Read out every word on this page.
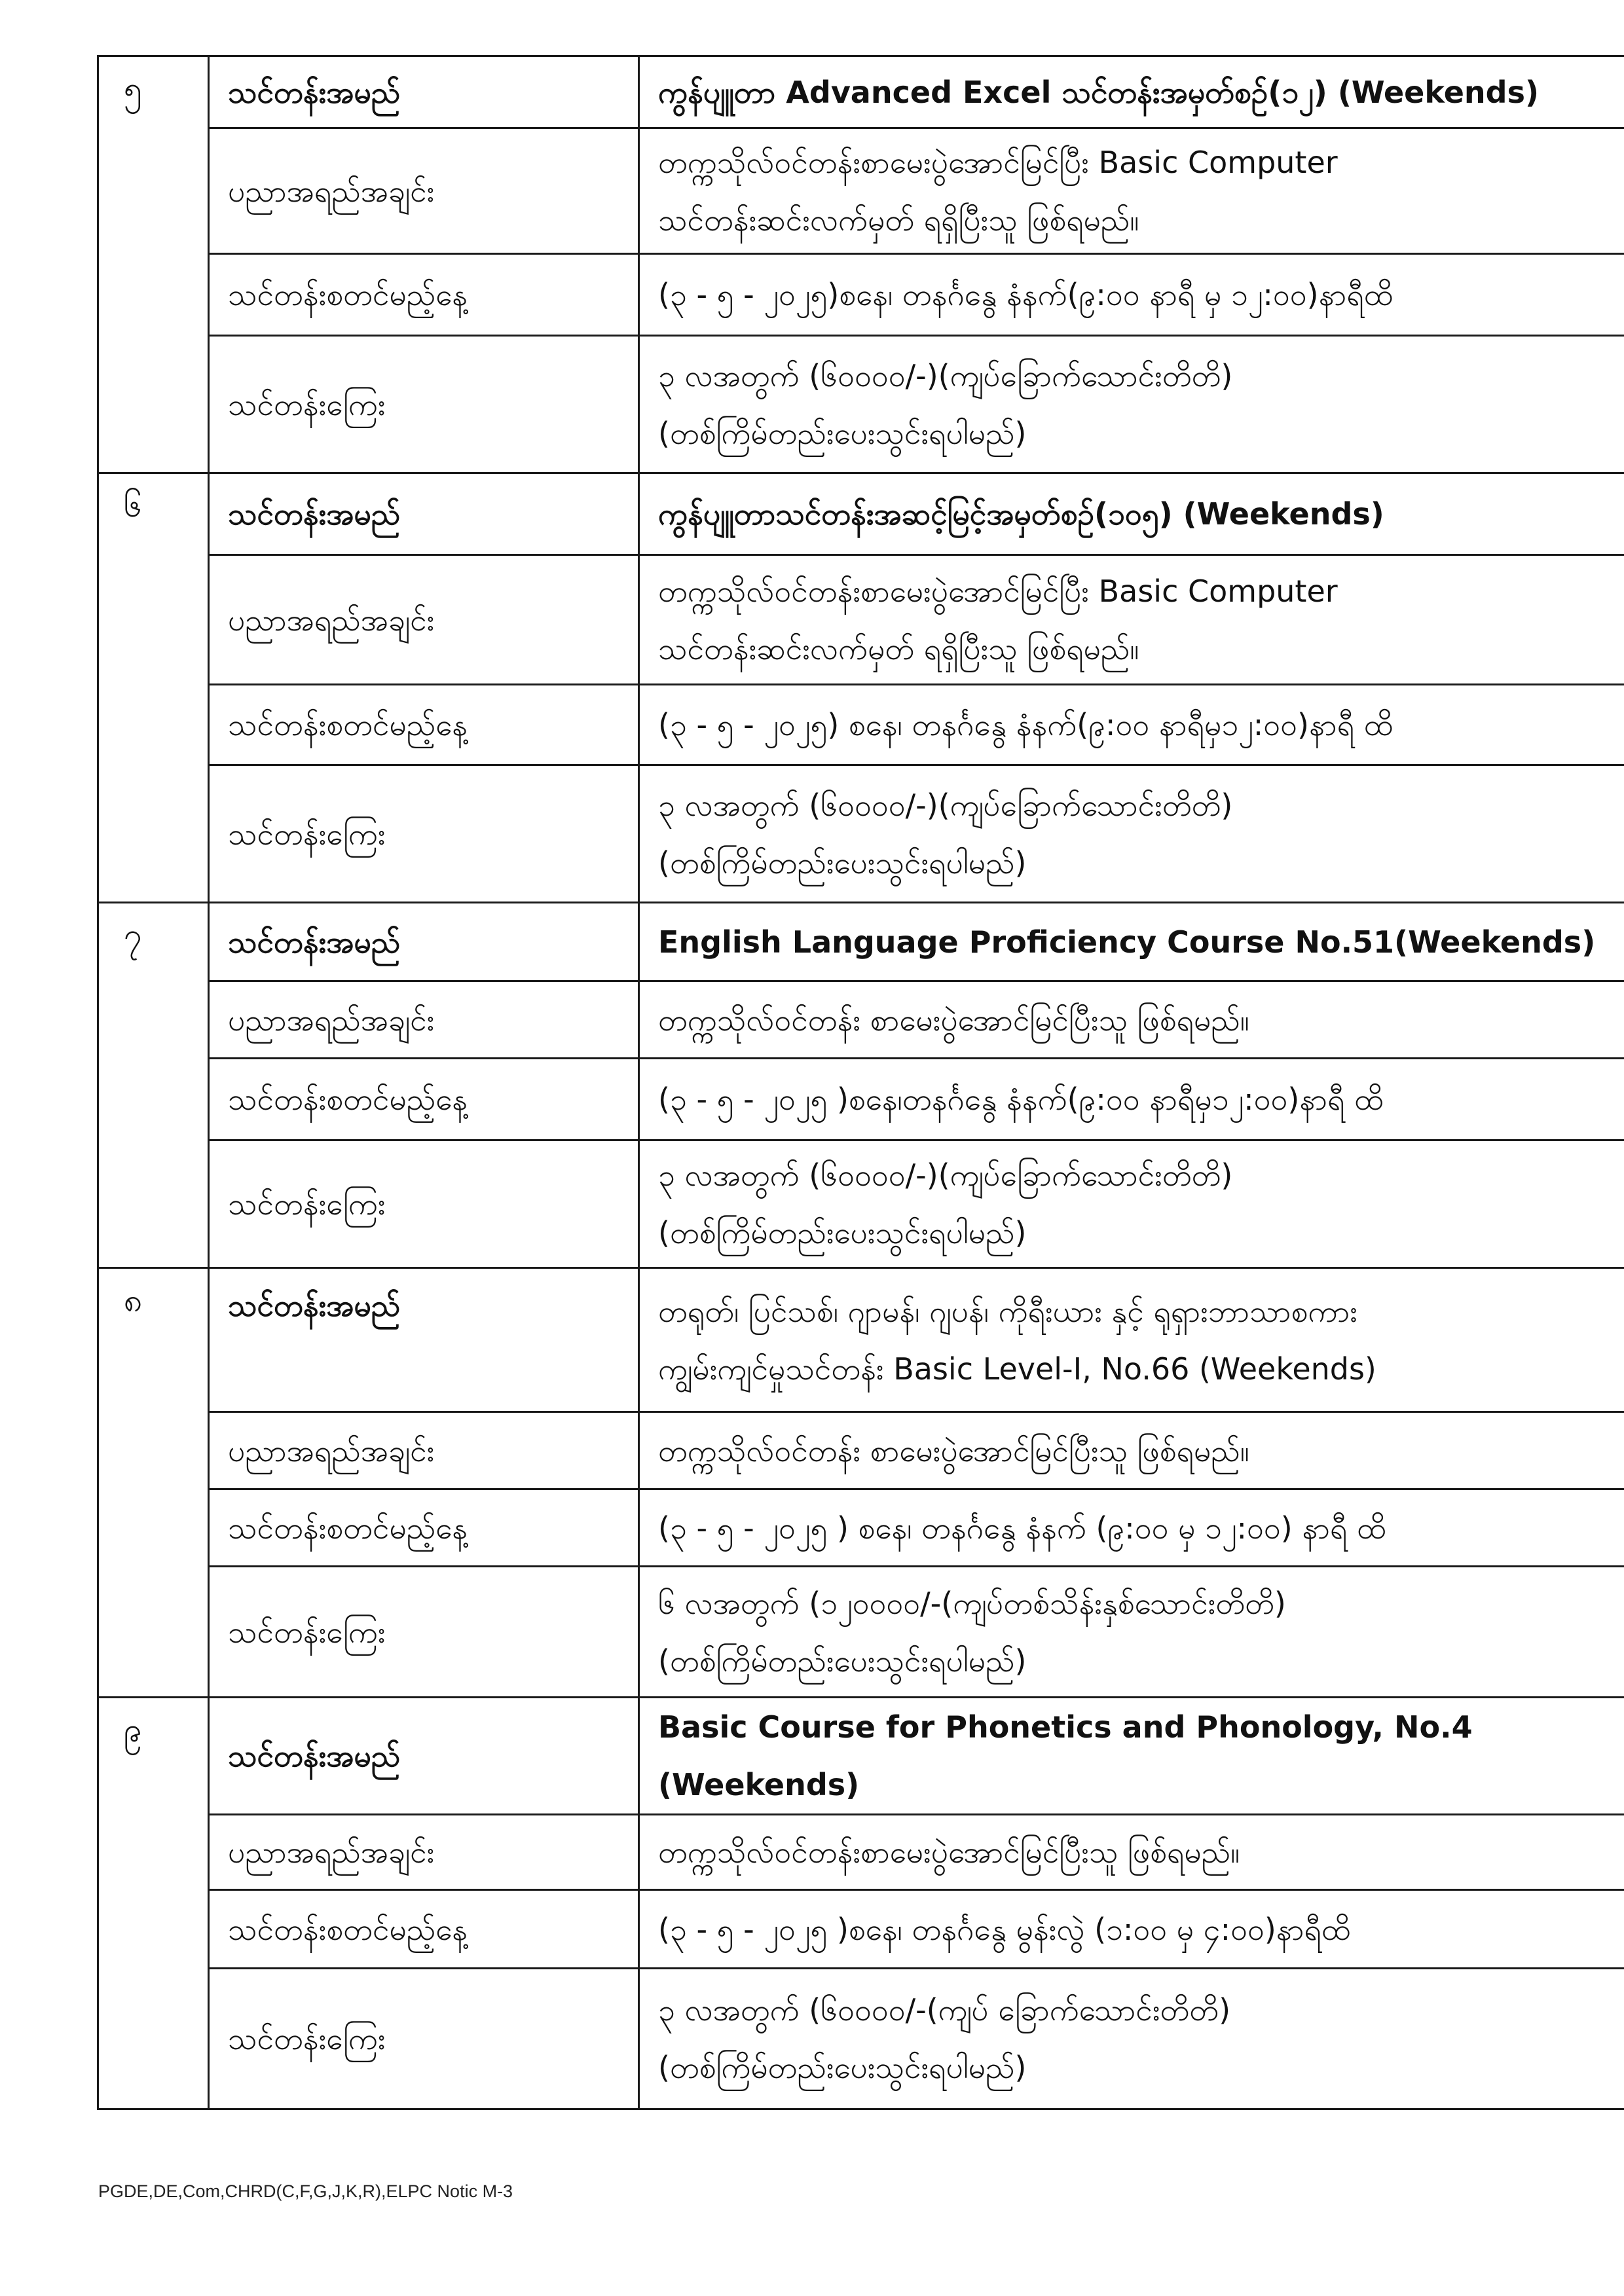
၅	သင်တန်းအမည်	ကွန်ပျူတာ Advanced Excel သင်တန်းအမှတ်စဉ်(၁၂) (Weekends)
	ပညာအရည်အချင်း	တက္ကသိုလ်ဝင်တန်းစာမေးပွဲအောင်မြင်ပြီး Basic Computer
သင်တန်းဆင်းလက်မှတ် ရရှိပြီးသူ ဖြစ်ရမည်။
	သင်တန်းစတင်မည့်နေ့	(၃ - ၅ - ၂၀၂၅)စနေ၊ တနင်္ဂနွေ နံနက်(၉:၀၀ နာရီ မှ ၁၂:၀၀)နာရီထိ
	သင်တန်းကြေး	၃ လအတွက် (၆၀၀၀၀/-)(ကျပ်ခြောက်သောင်းတိတိ)
(တစ်ကြိမ်တည်းပေးသွင်းရပါမည်)
၆	သင်တန်းအမည်	ကွန်ပျူတာသင်တန်းအဆင့်မြင့်အမှတ်စဉ်(၁၀၅) (Weekends)
	ပညာအရည်အချင်း	တက္ကသိုလ်ဝင်တန်းစာမေးပွဲအောင်မြင်ပြီး Basic Computer
သင်တန်းဆင်းလက်မှတ် ရရှိပြီးသူ ဖြစ်ရမည်။
	သင်တန်းစတင်မည့်နေ့	(၃ - ၅ - ၂၀၂၅) စနေ၊ တနင်္ဂနွေ နံနက်(၉:၀၀ နာရီမှ၁၂:၀၀)နာရီ ထိ
	သင်တန်းကြေး	၃ လအတွက် (၆၀၀၀၀/-)(ကျပ်ခြောက်သောင်းတိတိ)
(တစ်ကြိမ်တည်းပေးသွင်းရပါမည်)
၇	သင်တန်းအမည်	English Language Proficiency Course No.51(Weekends)
	ပညာအရည်အချင်း	တက္ကသိုလ်ဝင်တန်း စာမေးပွဲအောင်မြင်ပြီးသူ ဖြစ်ရမည်။
	သင်တန်းစတင်မည့်နေ့	(၃ - ၅ - ၂၀၂၅ )စနေ၊တနင်္ဂနွေ နံနက်(၉:၀၀ နာရီမှ၁၂:၀၀)နာရီ ထိ
	သင်တန်းကြေး	၃ လအတွက် (၆၀၀၀၀/-)(ကျပ်ခြောက်သောင်းတိတိ)
(တစ်ကြိမ်တည်းပေးသွင်းရပါမည်)
၈	သင်တန်းအမည်	တရုတ်၊ ပြင်သစ်၊ ဂျာမန်၊ ဂျပန်၊ ကိုရီးယား နှင့် ရုရှားဘာသာစကား
ကျွမ်းကျင်မှုသင်တန်း Basic Level-I, No.66 (Weekends)
	ပညာအရည်အချင်း	တက္ကသိုလ်ဝင်တန်း စာမေးပွဲအောင်မြင်ပြီးသူ ဖြစ်ရမည်။
	သင်တန်းစတင်မည့်နေ့	(၃ - ၅ - ၂၀၂၅ ) စနေ၊ တနင်္ဂနွေ နံနက် (၉:၀၀ မှ ၁၂:၀၀) နာရီ ထိ
	သင်တန်းကြေး	၆ လအတွက် (၁၂၀၀၀၀/-(ကျပ်တစ်သိန်းနှစ်သောင်းတိတိ)
(တစ်ကြိမ်တည်းပေးသွင်းရပါမည်)
၉	သင်တန်းအမည်	Basic Course for Phonetics and Phonology, No.4 (Weekends)
	ပညာအရည်အချင်း	တက္ကသိုလ်ဝင်တန်းစာမေးပွဲအောင်မြင်ပြီးသူ ဖြစ်ရမည်။
	သင်တန်းစတင်မည့်နေ့	(၃ - ၅ - ၂၀၂၅ )စနေ၊ တနင်္ဂနွေ မွန်းလွဲ (၁:၀၀ မှ ၄:၀၀)နာရီထိ
	သင်တန်းကြေး	၃ လအတွက် (၆၀၀၀၀/-(ကျပ် ခြောက်သောင်းတိတိ)
(တစ်ကြိမ်တည်းပေးသွင်းရပါမည်)
PGDE,DE,Com,CHRD(C,F,G,J,K,R),ELPC Notic M-3
